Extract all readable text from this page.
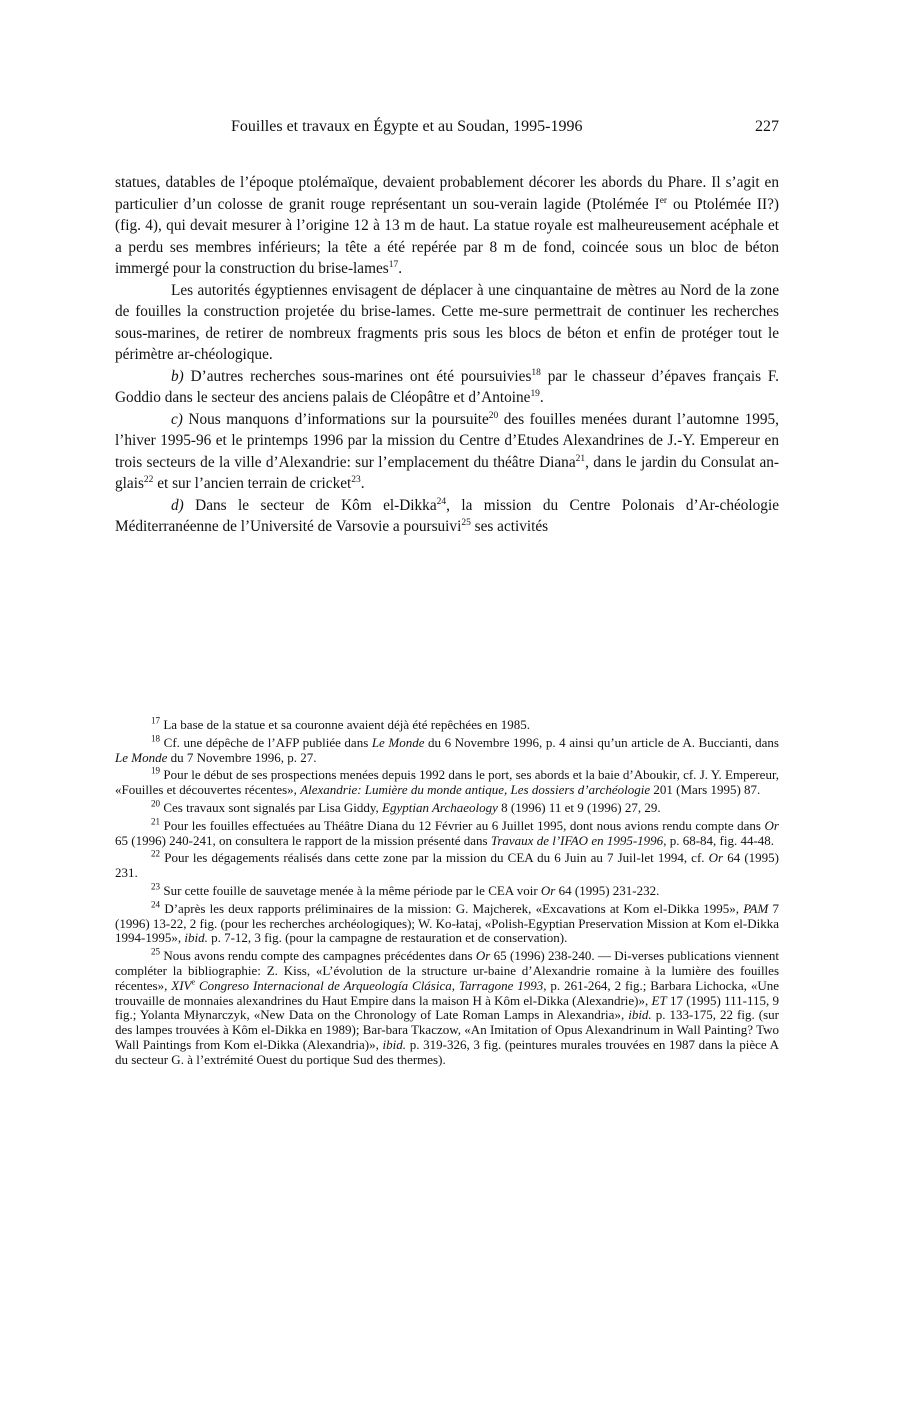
Fouilles et travaux en Égypte et au Soudan, 1995-1996	227

statues, datables de l’époque ptolémaïque, devaient probablement décorer les abords du Phare. Il s’agit en particulier d’un colosse de granit rouge représentant un sou-verain lagide (Ptolémée Ier ou Ptolémée II?) (fig. 4), qui devait mesurer à l’origine 12 à 13 m de haut. La statue royale est malheureusement acéphale et a perdu ses membres inférieurs; la tête a été repérée par 8 m de fond, coincée sous un bloc de béton immergé pour la construction du brise-lames$^{17}$.

Les autorités égyptiennes envisagent de déplacer à une cinquantaine de mètres au Nord de la zone de fouilles la construction projetée du brise-lames. Cette me-sure permettrait de continuer les recherches sous-marines, de retirer de nombreux fragments pris sous les blocs de béton et enfin de protéger tout le périmètre ar-chéologique.

b) D’autres recherches sous-marines ont été poursuivies$^{18}$ par le chasseur d’épaves français F. Goddio dans le secteur des anciens palais de Cléopâtre et d’Antoine$^{19}$.

c) Nous manquons d’informations sur la poursuite$^{20}$ des fouilles menées durant l’automne 1995, l’hiver 1995-96 et le printemps 1996 par la mission du Centre d’Etudes Alexandrines de J.-Y. Empereur en trois secteurs de la ville d’Alexandrie: sur l’emplacement du théâtre Diana$^{21}$, dans le jardin du Consulat an-glais$^{22}$ et sur l’ancien terrain de cricket$^{23}$.

d) Dans le secteur de Kôm el-Dikka$^{24}$, la mission du Centre Polonais d’Ar-chéologie Méditerranéenne de l’Université de Varsovie a poursuivi$^{25}$ ses activités

$^{17}$ La base de la statue et sa couronne avaient déjà été repêchées en 1985.

$^{18}$ Cf. une dépêche de l’AFP publiée dans Le Monde du 6 Novembre 1996, p. 4 ainsi qu’un article de A. Buccianti, dans Le Monde du 7 Novembre 1996, p. 27.

$^{19}$ Pour le début de ses prospections menées depuis 1992 dans le port, ses abords et la baie d’Aboukir, cf. J. Y. Empereur, «Fouilles et découvertes récentes», Alexandrie: Lumière du monde antique, Les dossiers d’archéologie 201 (Mars 1995) 87.

$^{20}$ Ces travaux sont signalés par Lisa Giddy, Egyptian Archaeology 8 (1996) 11 et 9 (1996) 27, 29.

$^{21}$ Pour les fouilles effectuées au Théâtre Diana du 12 Février au 6 Juillet 1995, dont nous avions rendu compte dans Or 65 (1996) 240-241, on consultera le rapport de la mission présenté dans Travaux de l’IFAO en 1995-1996, p. 68-84, fig. 44-48.

$^{22}$ Pour les dégagements réalisés dans cette zone par la mission du CEA du 6 Juin au 7 Juil-let 1994, cf. Or 64 (1995) 231.

$^{23}$ Sur cette fouille de sauvetage menée à la même période par le CEA voir Or 64 (1995) 231-232.

$^{24}$ D’après les deux rapports préliminaires de la mission: G. Majcherek, «Excavations at Kom el-Dikka 1995», PAM 7 (1996) 13-22, 2 fig. (pour les recherches archéologiques); W. Ko-łataj, «Polish-Egyptian Preservation Mission at Kom el-Dikka 1994-1995», ibid. p. 7-12, 3 fig. (pour la campagne de restauration et de conservation).

$^{25}$ Nous avons rendu compte des campagnes précédentes dans Or 65 (1996) 238-240. — Di-verses publications viennent compléter la bibliographie: Z. Kiss, «L’évolution de la structure ur-baine d’Alexandrie romaine à la lumière des fouilles récentes», XIVe Congreso Internacional de Arqueología Clásica, Tarragone 1993, p. 261-264, 2 fig.; Barbara Lichocka, «Une trouvaille de monnaies alexandrines du Haut Empire dans la maison H à Kôm el-Dikka (Alexandrie)», ET 17 (1995) 111-115, 9 fig.; Yolanta Młynarczyk, «New Data on the Chronology of Late Roman Lamps in Alexandria», ibid. p. 133-175, 22 fig. (sur des lampes trouvées à Kôm el-Dikka en 1989); Bar-bara Tkaczow, «An Imitation of Opus Alexandrinum in Wall Painting? Two Wall Paintings from Kom el-Dikka (Alexandria)», ibid. p. 319-326, 3 fig. (peintures murales trouvées en 1987 dans la pièce A du secteur G. à l’extrémité Ouest du portique Sud des thermes).
